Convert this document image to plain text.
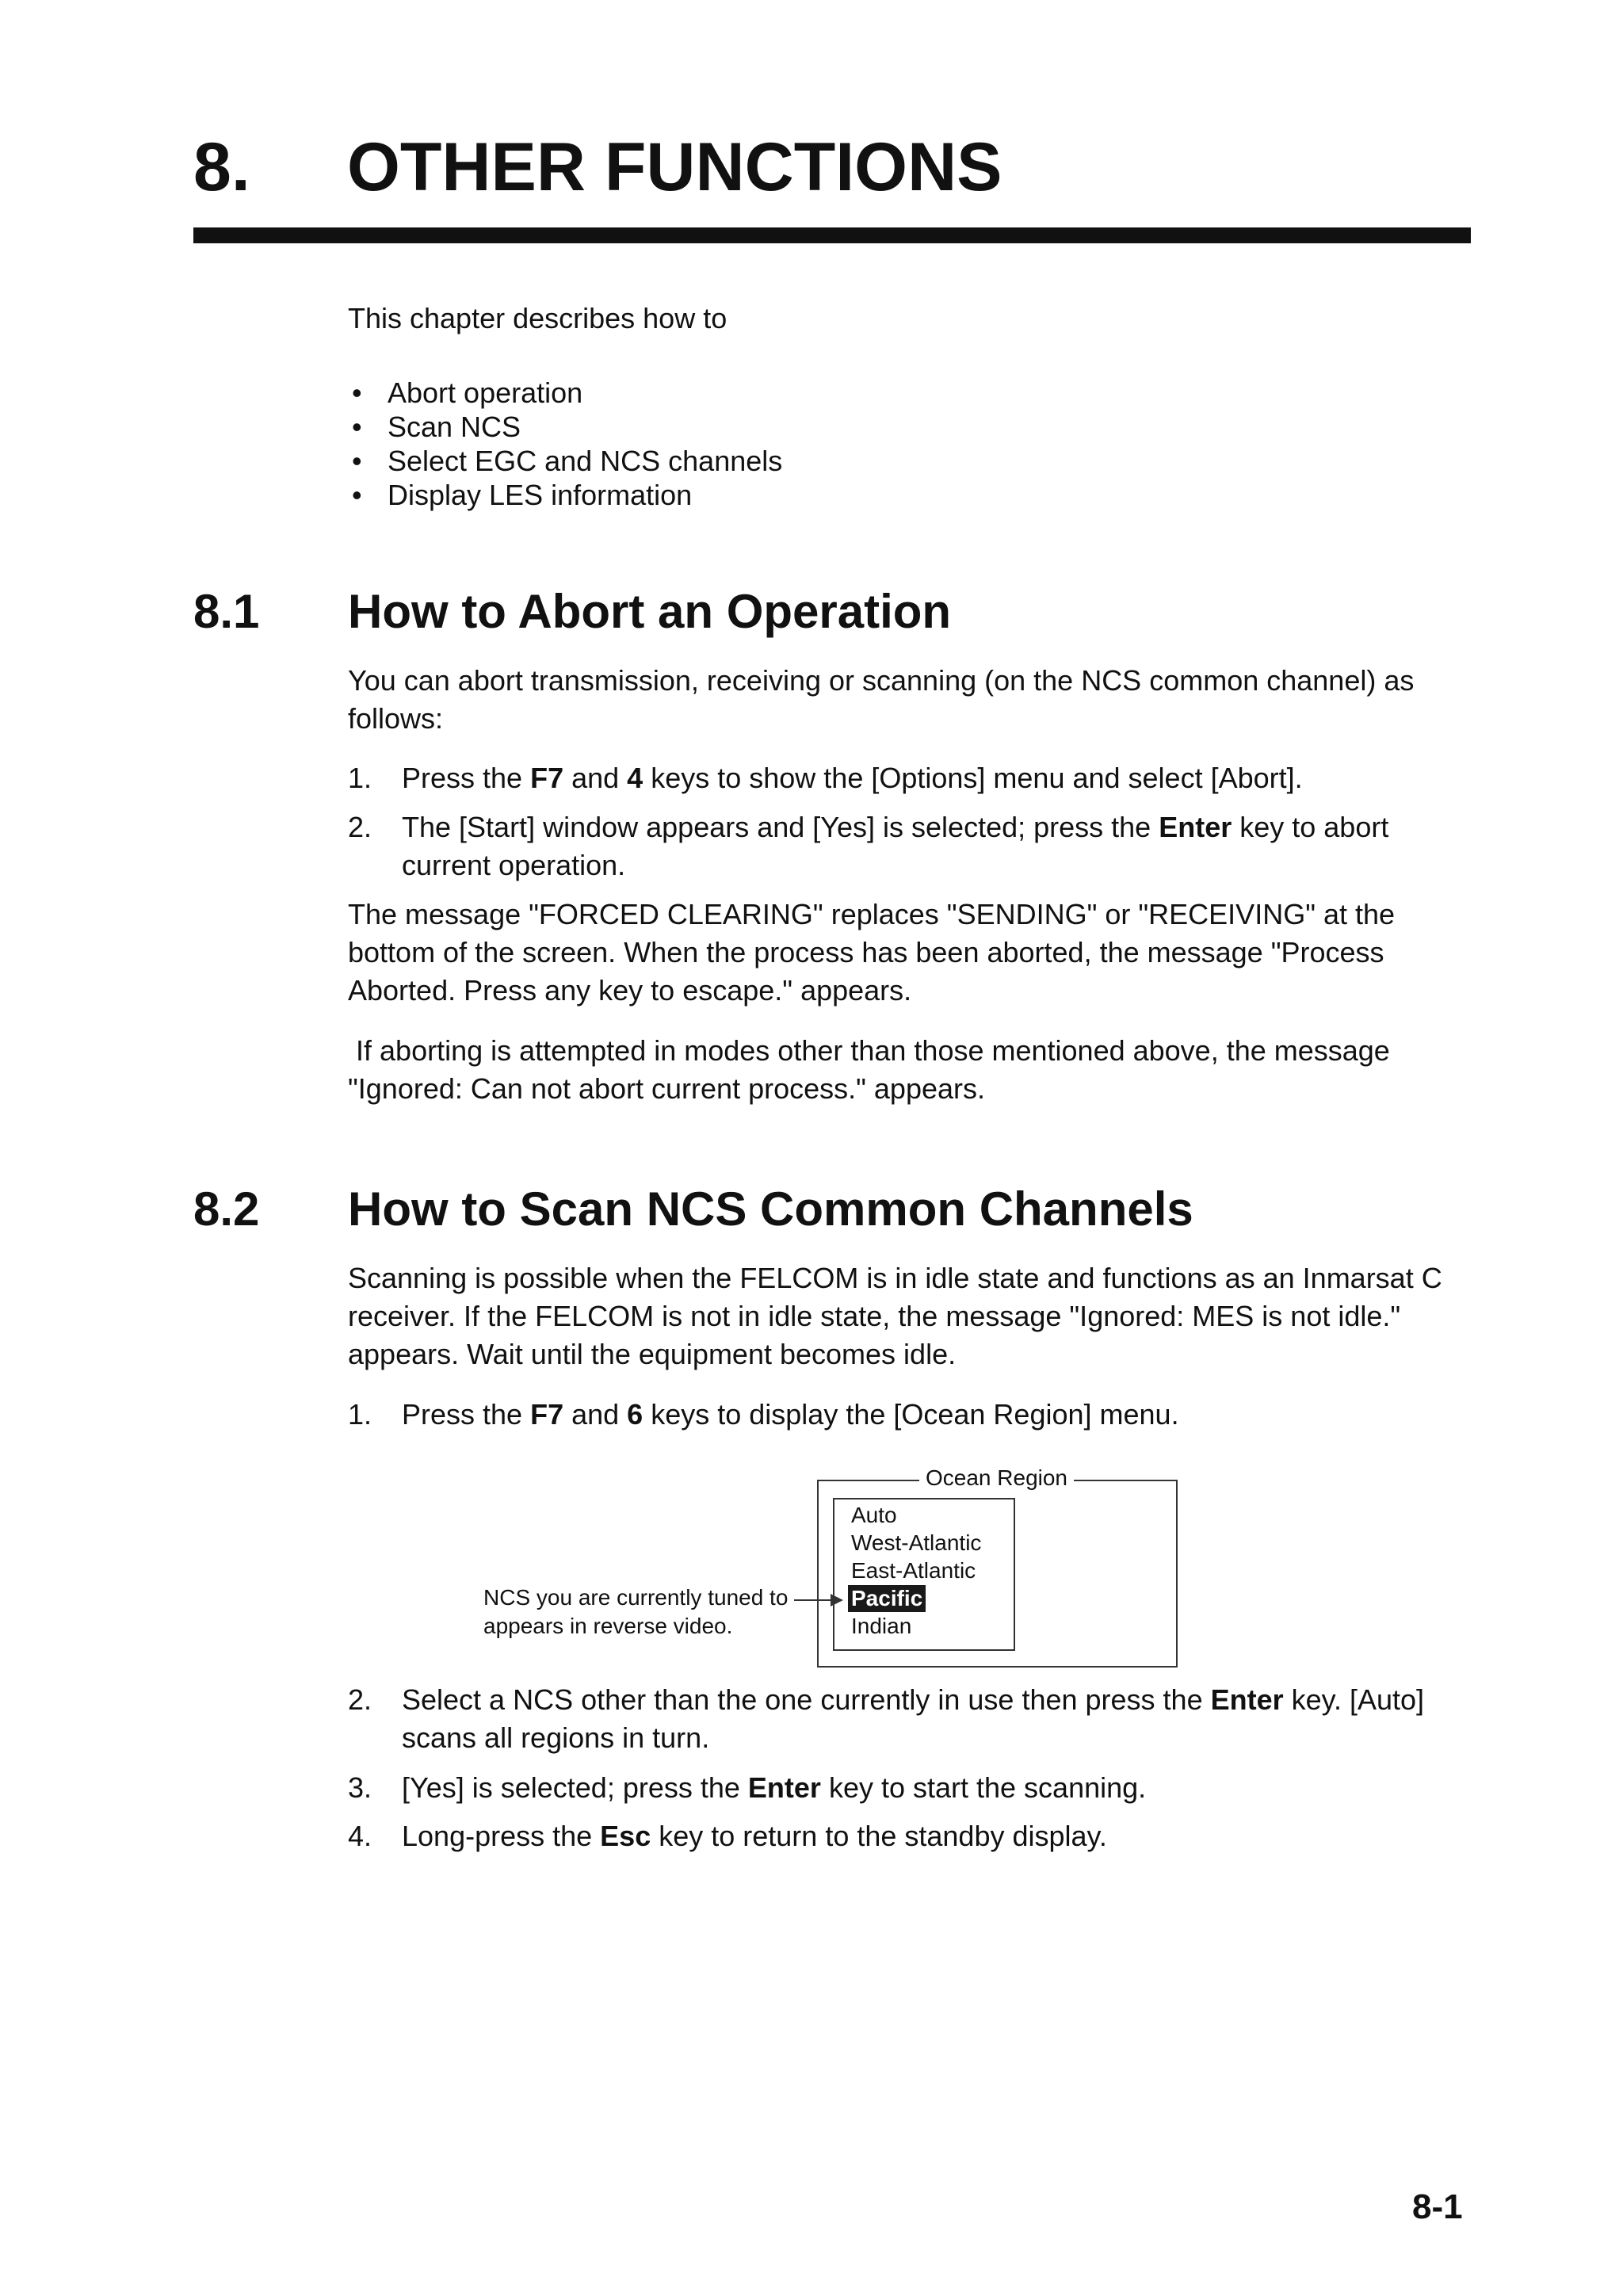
8. OTHER FUNCTIONS
This chapter describes how to
• Abort operation
• Scan NCS
• Select EGC and NCS channels
• Display LES information
8.1 How to Abort an Operation
You can abort transmission, receiving or scanning (on the NCS common channel) as follows:
1. Press the F7 and 4 keys to show the [Options] menu and select [Abort].
2. The [Start] window appears and [Yes] is selected; press the Enter key to abort current operation.
The message "FORCED CLEARING" replaces "SENDING" or "RECEIVING" at the bottom of the screen. When the process has been aborted, the message "Process Aborted. Press any key to escape." appears.
If aborting is attempted in modes other than those mentioned above, the message "Ignored: Can not abort current process." appears.
8.2 How to Scan NCS Common Channels
Scanning is possible when the FELCOM is in idle state and functions as an Inmarsat C receiver. If the FELCOM is not in idle state, the message "Ignored: MES is not idle." appears. Wait until the equipment becomes idle.
1. Press the F7 and 6 keys to display the [Ocean Region] menu.
Ocean Region
Auto
West-Atlantic
East-Atlantic
Pacific
Indian
NCS you are currently tuned to
appears in reverse video.
2. Select a NCS other than the one currently in use then press the Enter key. [Auto] scans all regions in turn.
3. [Yes] is selected; press the Enter key to start the scanning.
4. Long-press the Esc key to return to the standby display.
8-1
